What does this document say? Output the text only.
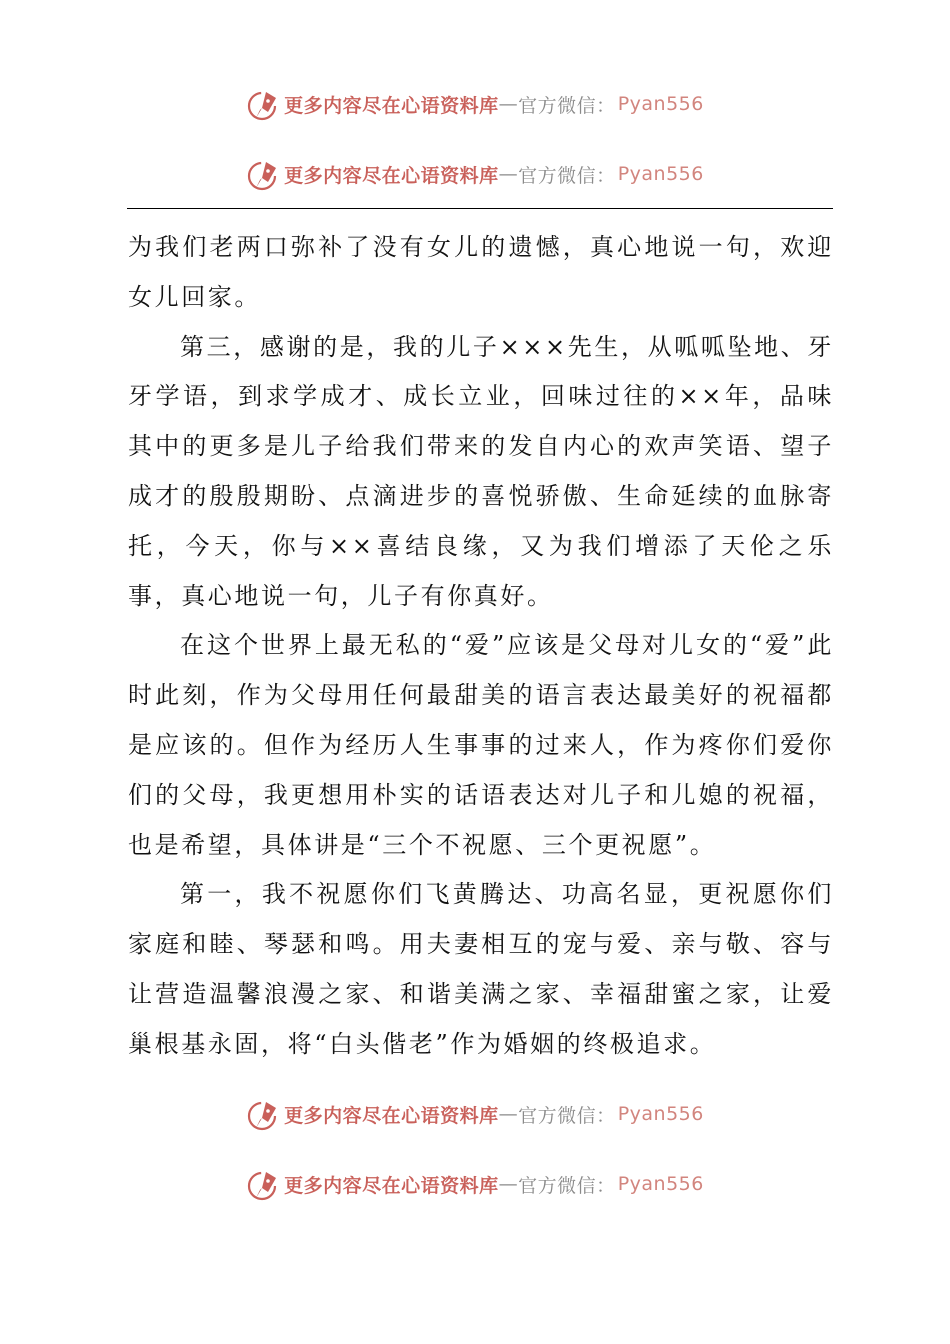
更多内容尽在心语资料库 — 官方微信： Pyan556
更多内容尽在心语资料库 — 官方微信： Pyan556

为我们老两口弥补了没有女儿的遗憾，真心地说一句，欢迎女儿回家。

第三，感谢的是，我的儿子×××先生，从呱呱坠地、牙牙学语，到求学成才、成长立业，回味过往的××年，品味其中的更多是儿子给我们带来的发自内心的欢声笑语、望子成才的殷殷期盼、点滴进步的喜悦骄傲、生命延续的血脉寄托，今天，你与××喜结良缘，又为我们增添了天伦之乐事，真心地说一句，儿子有你真好。

在这个世界上最无私的“爱”应该是父母对儿女的“爱”此时此刻，作为父母用任何最甜美的语言表达最美好的祝福都是应该的。但作为经历人生事事的过来人，作为疼你们爱你们的父母，我更想用朴实的话语表达对儿子和儿媳的祝福，也是希望，具体讲是“三个不祝愿、三个更祝愿”。

第一，我不祝愿你们飞黄腾达、功高名显，更祝愿你们家庭和睦、琴瑟和鸣。用夫妻相互的宠与爱、亲与敬、容与让营造温馨浪漫之家、和谐美满之家、幸福甜蜜之家，让爱巢根基永固，将“白头偕老”作为婚姻的终极追求。

更多内容尽在心语资料库 — 官方微信： Pyan556
更多内容尽在心语资料库 — 官方微信： Pyan556
